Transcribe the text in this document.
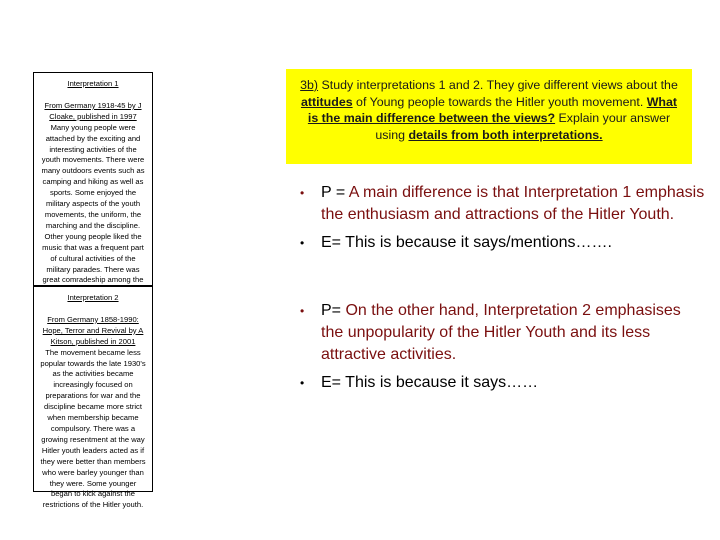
Interpretation 1
From Germany 1918-45 by J Cloake, published in 1997
Many young people were attached by the exciting and interesting activities of the youth movements. There were many outdoors events such as camping and hiking as well as sports. Some enjoyed the military aspects of the youth movements, the uniform, the marching and the discipline. Other young people liked the music that was a frequent part of cultural activities of the military parades. There was great comradeship among the
Interpretation 2
From Germany 1858-1990: Hope, Terror and Revival by A Kitson, published in 2001
The movement became less popular towards the late 1930's as the activities became increasingly focused on preparations for war and the discipline became more strict when membership became compulsory. There was a growing resentment at the way Hitler youth leaders acted as if they were better than members who were barley younger than they were. Some younger began to kick against the restrictions of the Hitler youth.
3b) Study interpretations 1 and 2. They give different views about the attitudes of Young people towards the Hitler youth movement. What is the main difference between the views? Explain your answer using details from both interpretations.
• P = A main difference is that Interpretation 1 emphasis the enthusiasm and attractions of the Hitler Youth.
• E= This is because it says/mentions…….
• P= On the other hand, Interpretation 2 emphasises the unpopularity of the Hitler Youth and its less attractive activities.
• E= This is because it says……
